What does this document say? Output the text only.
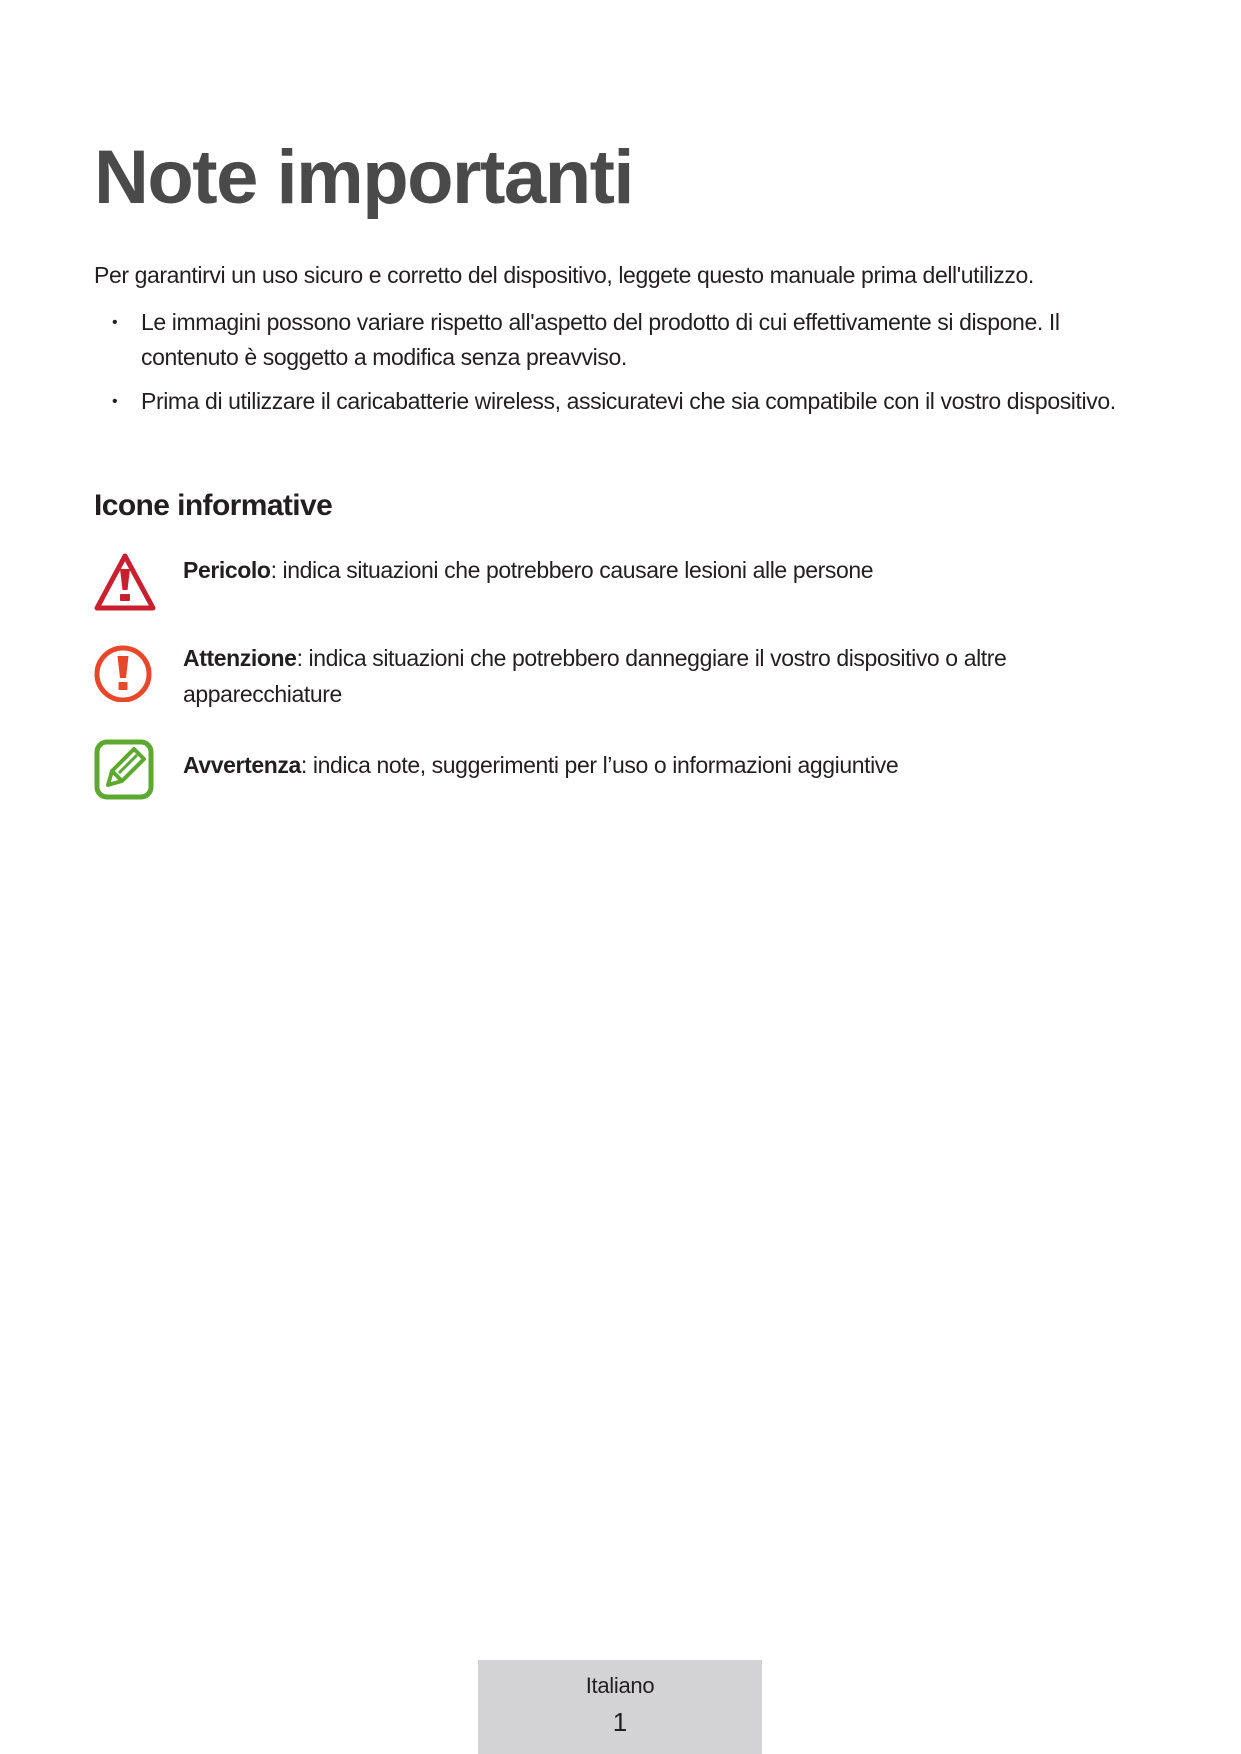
Note importanti

Per garantirvi un uso sicuro e corretto del dispositivo, leggete questo manuale prima dell'utilizzo.

• Le immagini possono variare rispetto all'aspetto del prodotto di cui effettivamente si dispone. Il contenuto è soggetto a modifica senza preavviso.
• Prima di utilizzare il caricabatterie wireless, assicuratevi che sia compatibile con il vostro dispositivo.
Icone informative
Pericolo: indica situazioni che potrebbero causare lesioni alle persone
Attenzione: indica situazioni che potrebbero danneggiare il vostro dispositivo o altre apparecchiature
Avvertenza: indica note, suggerimenti per l’uso o informazioni aggiuntive
Italiano
1
